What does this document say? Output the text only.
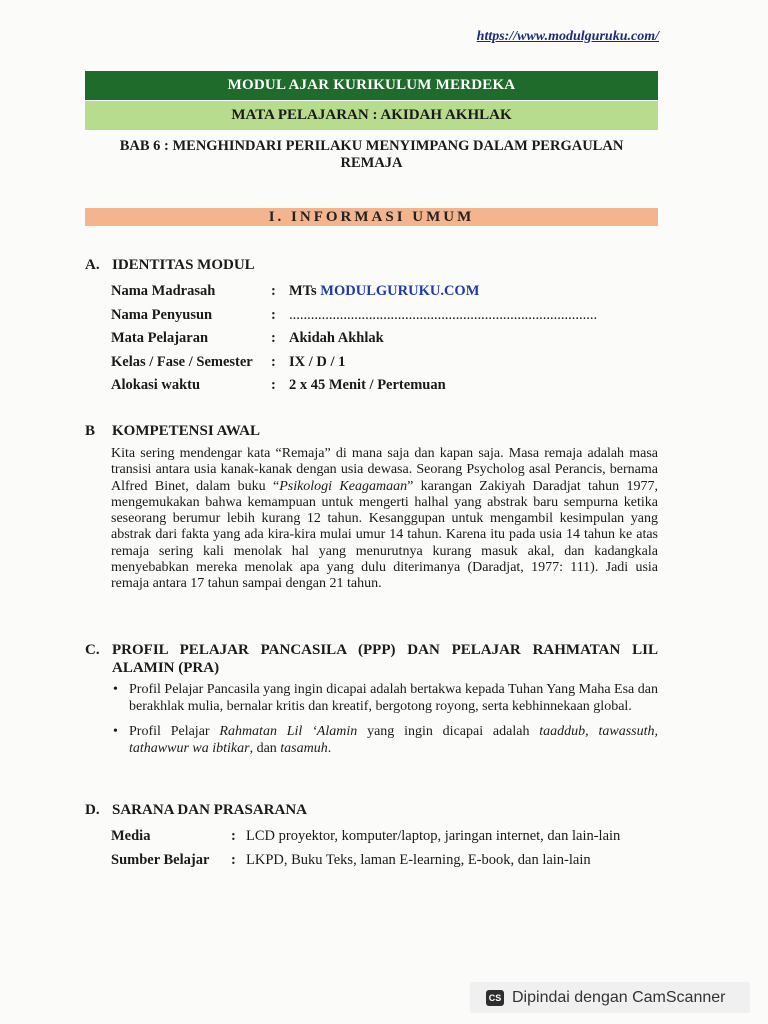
https://www.modulguruku.com/
MODUL AJAR KURIKULUM MERDEKA
MATA PELAJARAN : AKIDAH AKHLAK
BAB 6 : MENGHINDARI PERILAKU MENYIMPANG DALAM PERGAULAN
REMAJA
I. INFORMASI UMUM
A. IDENTITAS MODUL
Nama Madrasah	: MTs MODULGURUKU.COM
Nama Penyusun	: .....................................................................................
Mata Pelajaran	: Akidah Akhlak
Kelas / Fase / Semester	: IX / D / 1
Alokasi waktu	: 2 x 45 Menit / Pertemuan
B KOMPETENSI AWAL
Kita sering mendengar kata “Remaja” di mana saja dan kapan saja. Masa remaja adalah masa transisi antara usia kanak-kanak dengan usia dewasa. Seorang Psycholog asal Perancis, bernama Alfred Binet, dalam buku “Psikologi Keagamaan” karangan Zakiyah Daradjat tahun 1977, mengemukakan bahwa kemampuan untuk mengerti halhal yang abstrak baru sempurna ketika seseorang berumur lebih kurang 12 tahun. Kesanggupan untuk mengambil kesimpulan yang abstrak dari fakta yang ada kira-kira mulai umur 14 tahun. Karena itu pada usia 14 tahun ke atas remaja sering kali menolak hal yang menurutnya kurang masuk akal, dan kadangkala menyebabkan mereka menolak apa yang dulu diterimanya (Daradjat, 1977: 111). Jadi usia remaja antara 17 tahun sampai dengan 21 tahun.
C. PROFIL PELAJAR PANCASILA (PPP) DAN PELAJAR RAHMATAN LIL
ALAMIN (PRA)
• Profil Pelajar Pancasila yang ingin dicapai adalah bertakwa kepada Tuhan Yang Maha Esa dan berakhlak mulia, bernalar kritis dan kreatif, bergotong royong, serta kebhinnekaan global.
• Profil Pelajar Rahmatan Lil ‘Alamin yang ingin dicapai adalah taaddub, tawassuth, tathawwur wa ibtikar, dan tasamuh.
D. SARANA DAN PRASARANA
Media	: LCD proyektor, komputer/laptop, jaringan internet, dan lain-lain
Sumber Belajar	: LKPD, Buku Teks, laman E-learning, E-book, dan lain-lain
CS Dipindai dengan CamScanner
